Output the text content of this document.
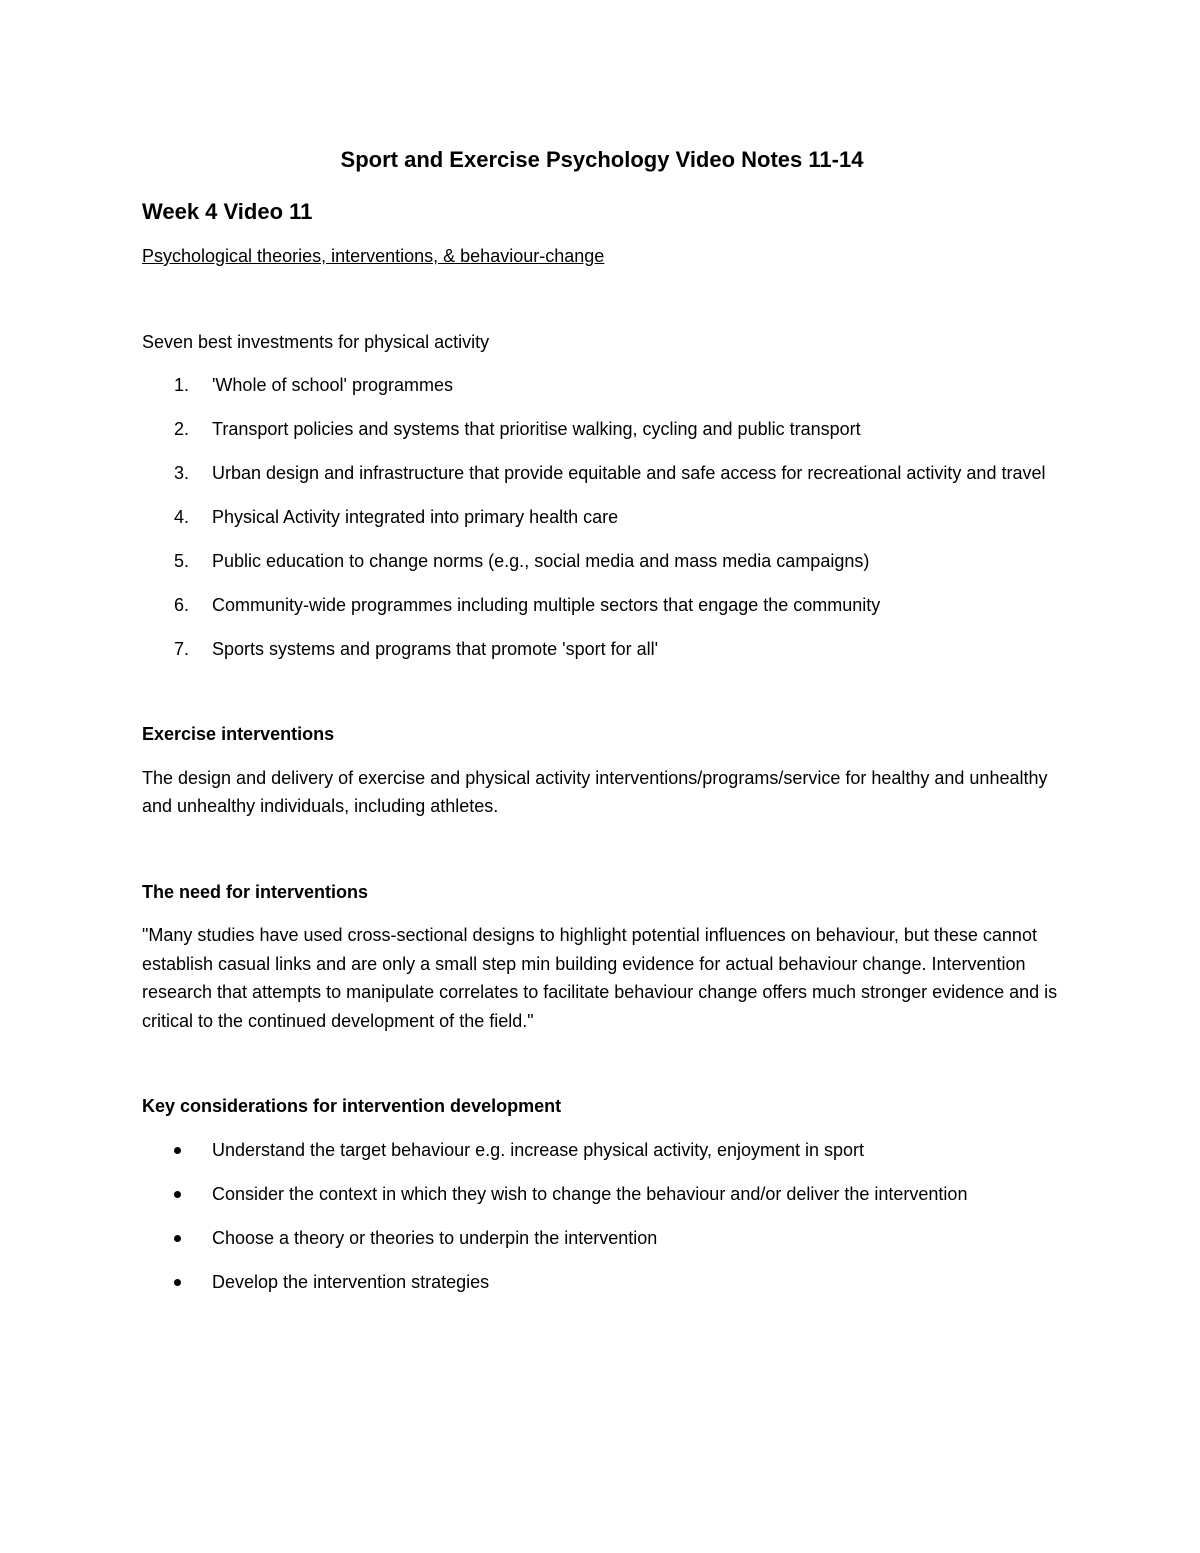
Sport and Exercise Psychology Video Notes 11-14
Week 4 Video 11
Psychological theories, interventions, & behaviour-change
Seven best investments for physical activity
1.	'Whole of school' programmes
2.	Transport policies and systems that prioritise walking, cycling and public transport
3.	Urban design and infrastructure that provide equitable and safe access for recreational activity and travel
4.	Physical Activity integrated into primary health care
5.	Public education to change norms (e.g., social media and mass media campaigns)
6.	Community-wide programmes including multiple sectors that engage the community
7.	Sports systems and programs that promote 'sport for all'
Exercise interventions
The design and delivery of exercise and physical activity interventions/programs/service for healthy and unhealthy and unhealthy individuals, including athletes.
The need for interventions
"Many studies have used cross-sectional designs to highlight potential influences on behaviour, but these cannot establish casual links and are only a small step min building evidence for actual behaviour change. Intervention research that attempts to manipulate correlates to facilitate behaviour change offers much stronger evidence and is critical to the continued development of the field."
Key considerations for intervention development
Understand the target behaviour e.g. increase physical activity, enjoyment in sport
Consider the context in which they wish to change the behaviour and/or deliver the intervention
Choose a theory or theories to underpin the intervention
Develop the intervention strategies
